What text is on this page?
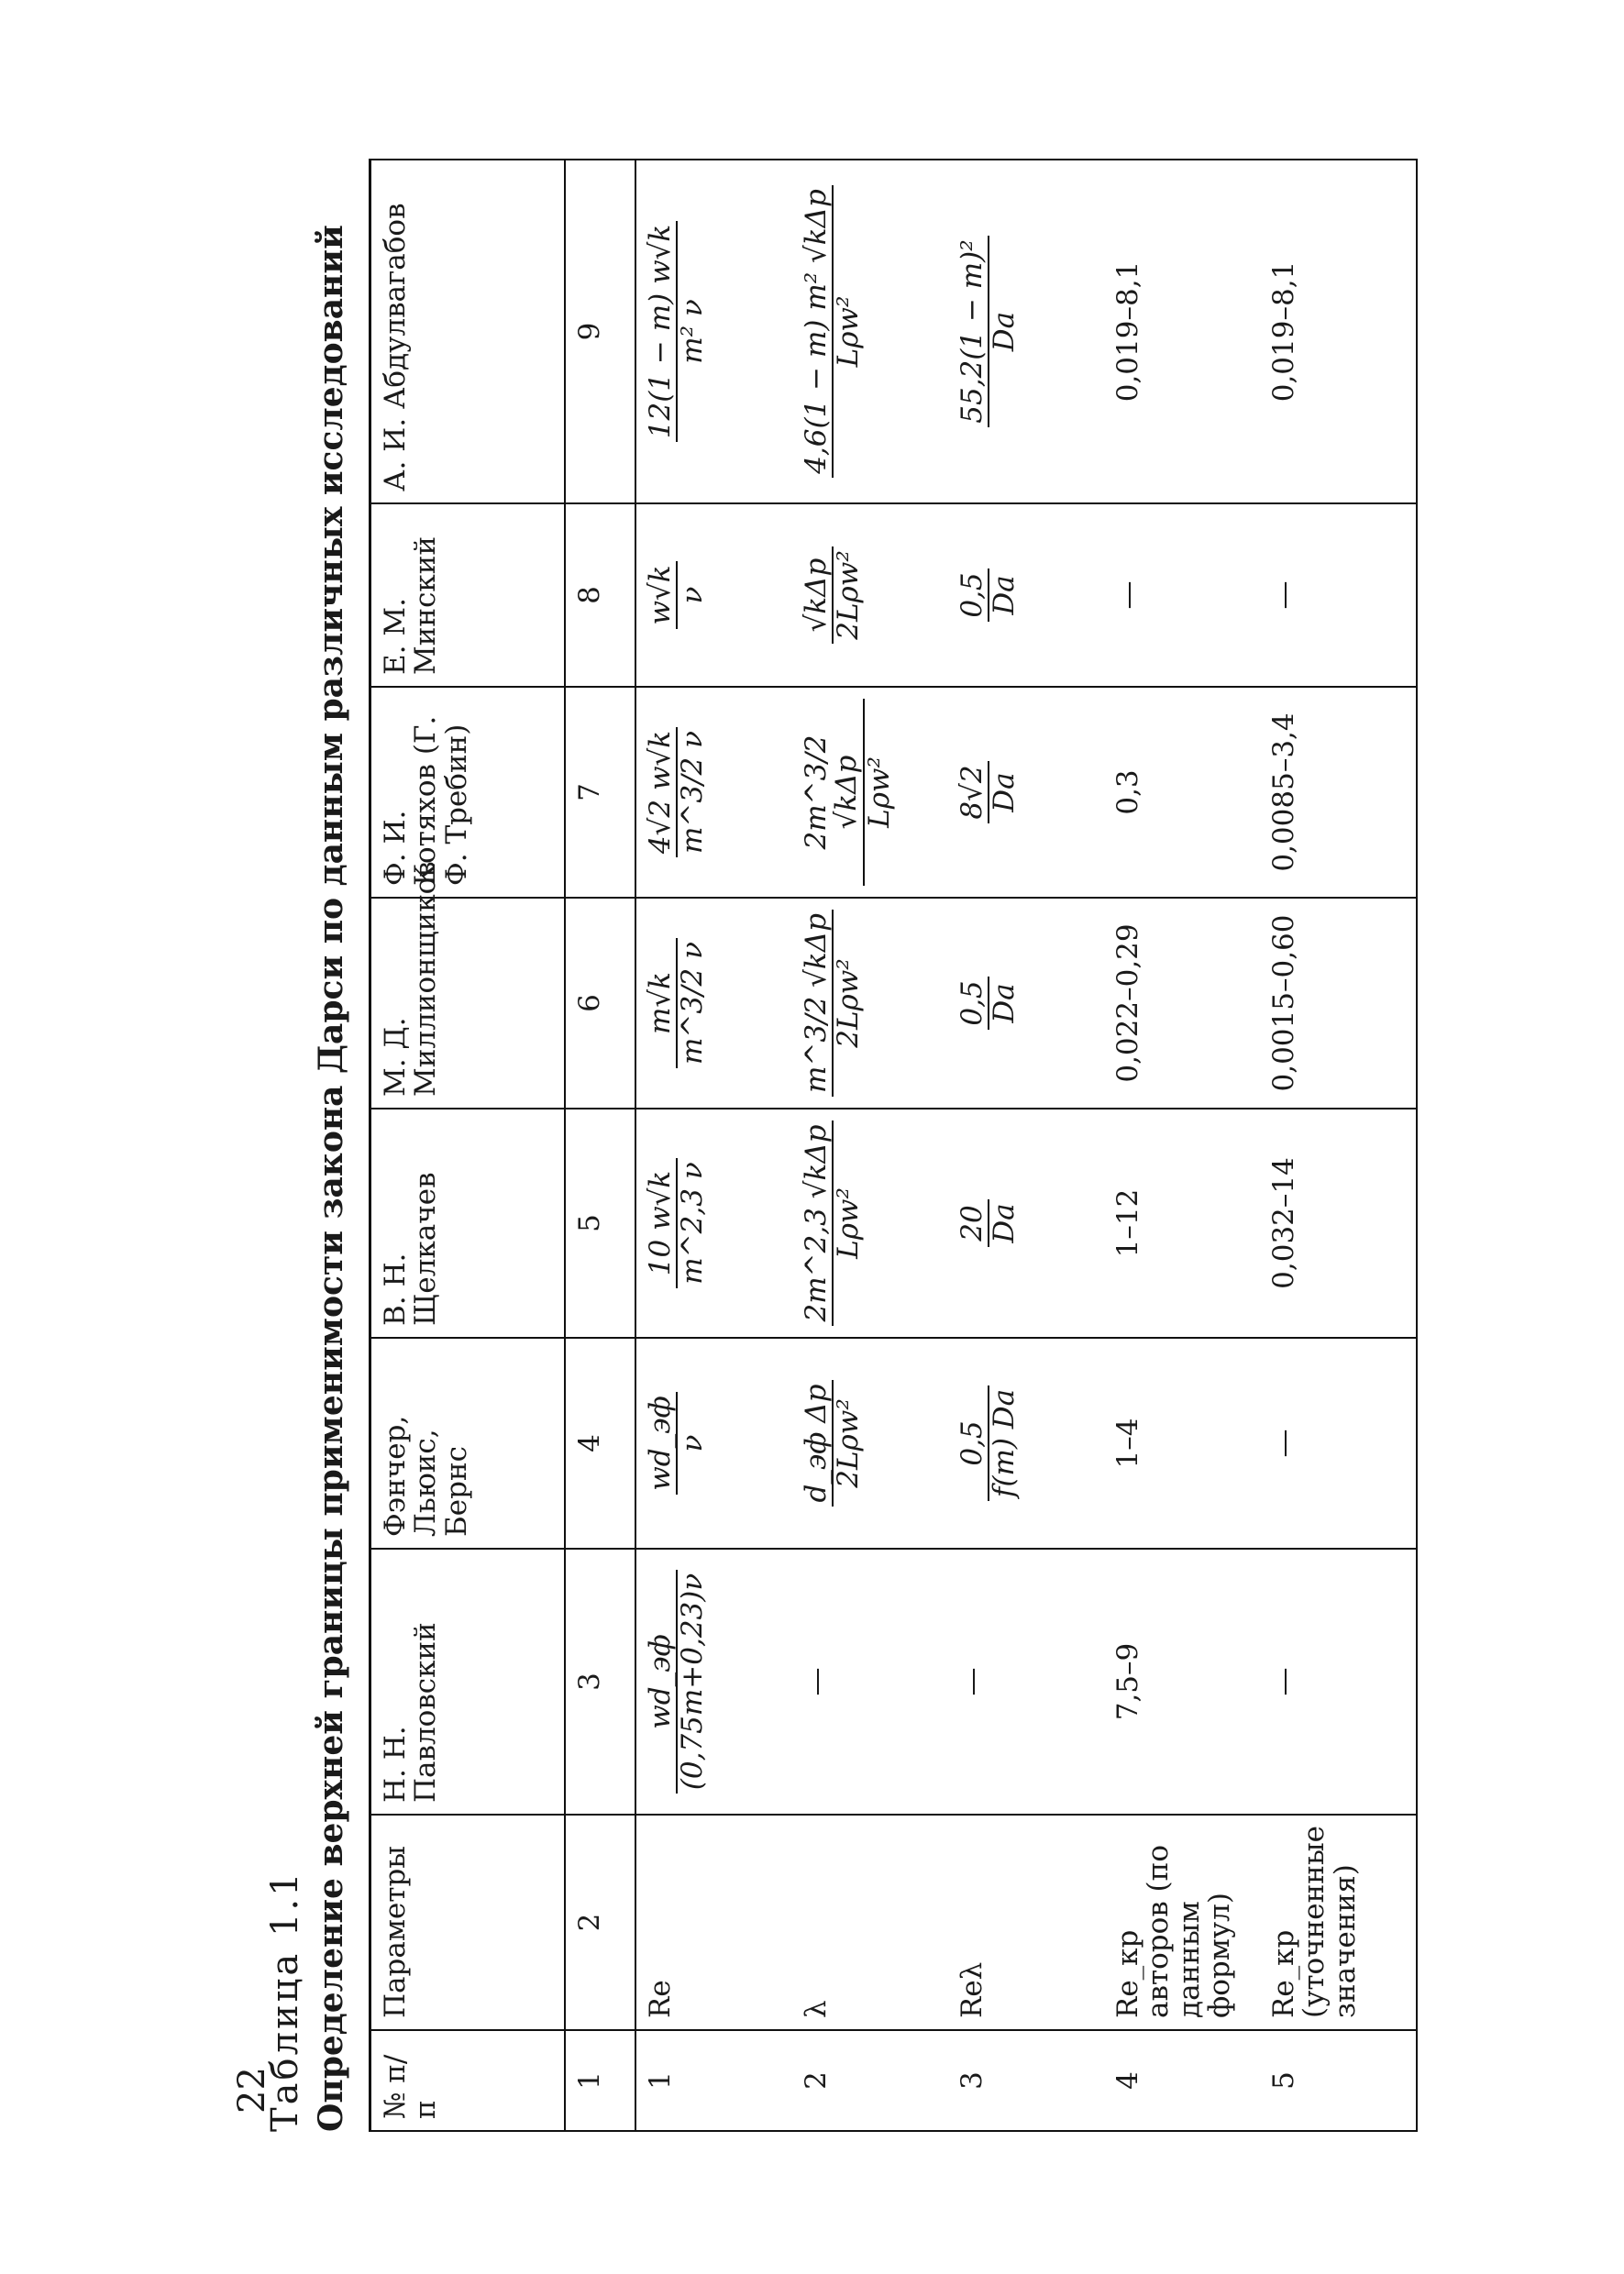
22
Таблица 1.1 Определение верхней границы применимости закона Дарси по данным различных исследований № п/п	Параметры	Н. Н. Павловский	Фэнчер, Льюис, Бернс	В. Н. Щелкачев	М. Д. Миллионщиков	Ф. И. Котяхов (Г. Ф. Требин)	Е. М. Минский	А. И. Абдулвагабов
1	2	3	4	5	6	7	8	9
1	Re	wd_эф (0,75m+0,23)ν	wd_эф ν	10 w√k m^2,3 ν	m√k m^3/2 ν	4√2 w√k m^3/2 ν	w√k ν	12(1 − m) w√k m² ν

2	λ	—	d_эф Δp 2Lρw²	2m^2,3 √kΔp Lρw²	m^3/2 √kΔp 2Lρw²	2m^3/2 √kΔp Lρw²	√kΔp 2Lρw²	4,6(1 − m) m² √kΔp Lρw²

3	Reλ	—	0,5 f(m) Da	20 Da	0,5 Da	8√2 Da	0,5 Da	55,2(1 − m)² Da

4	Re_кр авторов (по данным формул)	7,5–9	1–4	1–12	0,022–0,29	0,3	—	0,019–8,1
5	Re_кр (уточненные значения)	—	—	0,032–14	0,0015–0,60	0,0085–3,4	—	0,019–8,1
